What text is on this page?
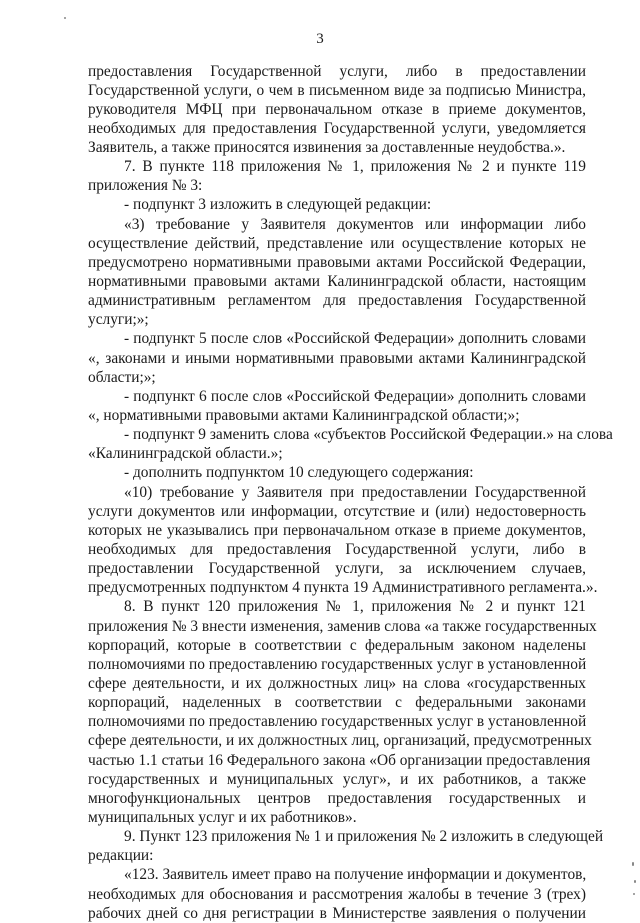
3
предоставления Государственной услуги, либо в предоставлении
Государственной услуги, о чем в письменном виде за подписью Министра,
руководителя МФЦ при первоначальном отказе в приеме документов,
необходимых для предоставления Государственной услуги, уведомляется
Заявитель, а также приносятся извинения за доставленные неудобства.».
7. В пункте 118 приложения № 1, приложения № 2 и пункте 119
приложения № 3:
- подпункт 3 изложить в следующей редакции:
«3) требование у Заявителя документов или информации либо
осуществление действий, представление или осуществление которых не
предусмотрено нормативными правовыми актами Российской Федерации,
нормативными правовыми актами Калининградской области, настоящим
административным регламентом для предоставления Государственной
услуги;»;
- подпункт 5 после слов «Российской Федерации» дополнить словами
«, законами и иными нормативными правовыми актами Калининградской
области;»;
- подпункт 6 после слов «Российской Федерации» дополнить словами
«, нормативными правовыми актами Калининградской области;»;
- подпункт 9 заменить слова «субъектов Российской Федерации.» на слова
«Калининградской области.»;
- дополнить подпунктом 10 следующего содержания:
«10) требование у Заявителя при предоставлении Государственной
услуги документов или информации, отсутствие и (или) недостоверность
которых не указывались при первоначальном отказе в приеме документов,
необходимых для предоставления Государственной услуги, либо в
предоставлении Государственной услуги, за исключением случаев,
предусмотренных подпунктом 4 пункта 19 Административного регламента.».
8. В пункт 120 приложения № 1, приложения № 2 и пункт 121
приложения № 3 внести изменения, заменив слова «а также государственных
корпораций, которые в соответствии с федеральным законом наделены
полномочиями по предоставлению государственных услуг в установленной
сфере деятельности, и их должностных лиц» на слова «государственных
корпораций, наделенных в соответствии с федеральными законами
полномочиями по предоставлению государственных услуг в установленной
сфере деятельности, и их должностных лиц, организаций, предусмотренных
частью 1.1 статьи 16 Федерального закона «Об организации предоставления
государственных и муниципальных услуг», и их работников, а также
многофункциональных центров предоставления государственных и
муниципальных услуг и их работников».
9. Пункт 123 приложения № 1 и приложения № 2 изложить в следующей
редакции:
«123. Заявитель имеет право на получение информации и документов,
необходимых для обоснования и рассмотрения жалобы в течение 3 (трех)
рабочих дней со дня регистрации в Министерстве заявления о получении
